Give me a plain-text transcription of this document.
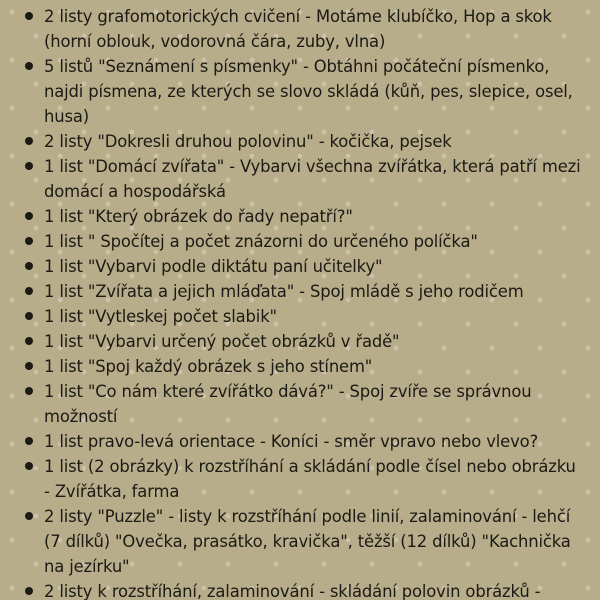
2 listy grafomotorických cvičení - Motáme klubíčko, Hop a skok (horní oblouk, vodorovná čára, zuby, vlna)
5 listů "Seznámení s písmenky" - Obtáhni počáteční písmenko, najdi písmena, ze kterých se slovo skládá (kůň, pes, slepice, osel, husa)
2 listy "Dokresli druhou polovinu" - kočička, pejsek
1 list "Domácí zvířata" - Vybarvi všechna zvířátka, která patří mezi domácí a hospodářská
1 list "Který obrázek do řady nepatří?"
1 list " Spočítej a počet znázorni do určeného políčka"
1 list "Vybarvi podle diktátu paní učitelky"
1 list "Zvířata a jejich mláďata" - Spoj mládě s jeho rodičem
1 list "Vytleskej počet slabik"
1 list "Vybarvi určený počet obrázků v řadě"
1 list "Spoj každý obrázek s jeho stínem"
1 list "Co nám které zvířátko dává?" - Spoj zvíře se správnou možností
1 list pravo-levá orientace - Koníci - směr vpravo nebo vlevo?
1 list (2 obrázky) k rozstříhání a skládání podle čísel nebo obrázku - Zvířátka, farma
2 listy "Puzzle" - listy k rozstříhání podle linií, zalaminování - lehčí (7 dílků) "Ovečka, prasátko, kravička", těžší (12 dílků) "Kachnička na jezírku"
2 listy k rozstříhání, zalaminování - skládání polovin obrázků -
